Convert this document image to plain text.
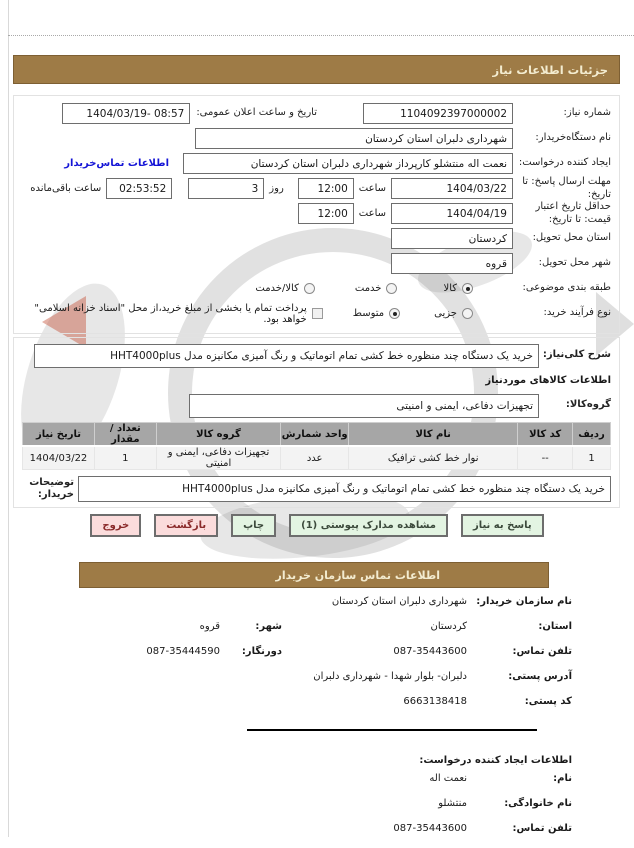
جزئیات اطلاعات نیاز
شماره نیاز:
1104092397000002
تاریخ و ساعت اعلان عمومی:
1404/03/19- 08:57
نام دستگاه‌خریدار:
شهرداری دلبران استان کردستان
ایجاد کننده درخواست:
نعمت اله منتشلو کارپرداز شهرداری دلبران استان کردستان
اطلاعات تماس‌خریدار
مهلت ارسال پاسخ: تا تاریخ:
1404/03/22
ساعت
12:00
روز
3
02:53:52
ساعت باقی‌مانده
حداقل تاریخ اعتبار قیمت: تا تاریخ:
1404/04/19
ساعت
12:00
استان محل تحویل:
کردستان
شهر محل تحویل:
قروه
طبقه بندی موضوعی:
کالا
خدمت
کالا/خدمت
نوع فرآیند خرید:
جزیی
متوسط
پرداخت تمام یا بخشی از مبلغ خرید،از محل "اسناد خزانه اسلامی" خواهد بود.
شرح کلی‌نیاز:
خرید یک دستگاه چند منظوره خط کشی تمام اتوماتیک و رنگ آمیزی مکانیزه مدل HHT4000plus
اطلاعات کالاهای موردنیاز
گروه‌کالا:
تجهیزات دفاعی، ایمنی و امنیتی
ردیف	کد کالا	نام کالا	واحد شمارش	گروه کالا	تعداد / مقدار	تاریخ نیاز
1	--	نوار خط کشی ترافیک	عدد	تجهیزات دفاعی، ایمنی و امنیتی	1	1404/03/22
خرید یک دستگاه چند منظوره خط کشی تمام اتوماتیک و رنگ آمیزی مکانیزه مدل HHT4000plus
توضیحات خریدار:
پاسخ به نیاز
مشاهده مدارک پیوستی (1)
چاپ
بازگشت
خروج
اطلاعات تماس سازمان خریدار
نام سازمان خریدار:
شهرداری دلبران استان کردستان
استان:
کردستان
شهر:
قروه
تلفن تماس:
087-35443600
دورنگار:
087-35444590
آدرس پستی:
دلبران- بلوار شهدا - شهرداری دلبران
کد پستی:
6663138418
اطلاعات ایجاد کننده درخواست:
نام:
نعمت اله
نام خانوادگی:
منتشلو
تلفن تماس:
087-35443600
